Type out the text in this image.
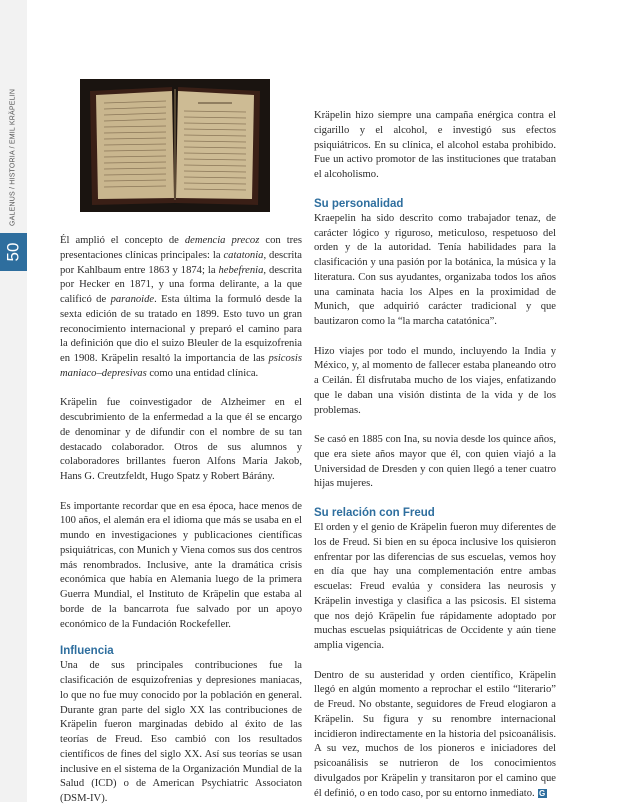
GALENUS / HISTORIA / EMIL KRÄPELIN
50

Él amplió el concepto de demencia precoz con tres presentaciones clínicas principales: la catatonia, descrita por Kahlbaum entre 1863 y 1874; la hebefrenia, descrita por Hecker en 1871, y una forma delirante, a la que calificó de paranoide. Esta última la formuló desde la sexta edición de su tratado en 1899. Esto tuvo un gran reconocimiento internacional y preparó el camino para la definición que dio el suizo Bleuler de la esquizofrenia en 1908. Kräpelin resaltó la importancia de las psicosis maniaco–depresivas como una entidad clínica.

Kräpelin fue coinvestigador de Alzheimer en el descubrimiento de la enfermedad a la que él se encargo de denominar y de difundir con el nombre de su tan destacado colaborador. Otros de sus alumnos y colaboradores brillantes fueron Alfons Maria Jakob, Hans G. Creutzfeldt, Hugo Spatz y Robert Bárány.

Es importante recordar que en esa época, hace menos de 100 años, el alemán era el idioma que más se usaba en el mundo en investigaciones y publicaciones científicas psiquiátricas, con Munich y Viena comos sus dos centros más renombrados. Inclusive, ante la dramática crisis económica que había en Alemania luego de la primera Guerra Mundial, el Instituto de Kräpelin que estaba al borde de la bancarrota fue salvado por un apoyo económico de la Fundación Rockefeller.

Influencia

Una de sus principales contribuciones fue la clasificación de esquizofrenias y depresiones maniacas, lo que no fue muy conocido por la población en general. Durante gran parte del siglo XX las contribuciones de Kräpelin fueron marginadas debido al éxito de las teorías de Freud. Eso cambió con los resultados científicos de fines del siglo XX. Así sus teorías se usan inclusive en el sistema de la Organización Mundial de la Salud (ICD) o de American Psychiatric Associaton (DSM-IV).

Kräpelin hizo siempre una campaña enérgica contra el cigarillo y el alcohol, e investigó sus efectos psiquiátricos. En su clínica, el alcohol estaba prohibido. Fue un activo promotor de las instituciones que trataban el alcoholismo.

Su personalidad

Kraepelin ha sido descrito como trabajador tenaz, de carácter lógico y riguroso, meticuloso, respetuoso del orden y de la autoridad. Tenía habilidades para la clasificación y una pasión por la botánica, la música y la literatura. Con sus ayudantes, organizaba todos los años una caminata hacia los Alpes en la proximidad de Munich, que adquirió carácter tradicional y que bautizaron como la “la marcha catatónica”.

Hizo viajes por todo el mundo, incluyendo la India y México, y, al momento de fallecer estaba planeando otro a Ceilán. Él disfrutaba mucho de los viajes, enfatizando que le daban una visión distinta de la vida y de los problemas.

Se casó en 1885 con Ina, su novia desde los quince años, que era siete años mayor que él, con quien viajó a la Universidad de Dresden y con quien llegó a tener cuatro hijas mujeres.

Su relación con Freud

El orden y el genio de Kräpelin fueron muy diferentes de los de Freud. Si bien en su época inclusive los quisieron enfrentar por las diferencias de sus escuelas, vemos hoy en día que hay una complementación entre ambas escuelas: Freud evalúa y considera las neurosis y Kräpelin investiga y clasifica a las psicosis. El sistema que nos dejó Kräpelin fue rápidamente adoptado por muchas escuelas psiquiátricas de Occidente y aún tiene amplia vigencia.

Dentro de su austeridad y orden científico, Kräpelin llegó en algún momento a reprochar el estilo “literario” de Freud. No obstante, seguidores de Freud elogiaron a Kräpelin. Su figura y su renombre internacional incidieron indirectamente en la historia del psicoanálisis. A su vez, muchos de los pioneros e iniciadores del psicoanálisis se nutrieron de los conocimientos divulgados por Kräpelin y transitaron por el camino que él definió, o en todo caso, por su entorno inmediato. G
